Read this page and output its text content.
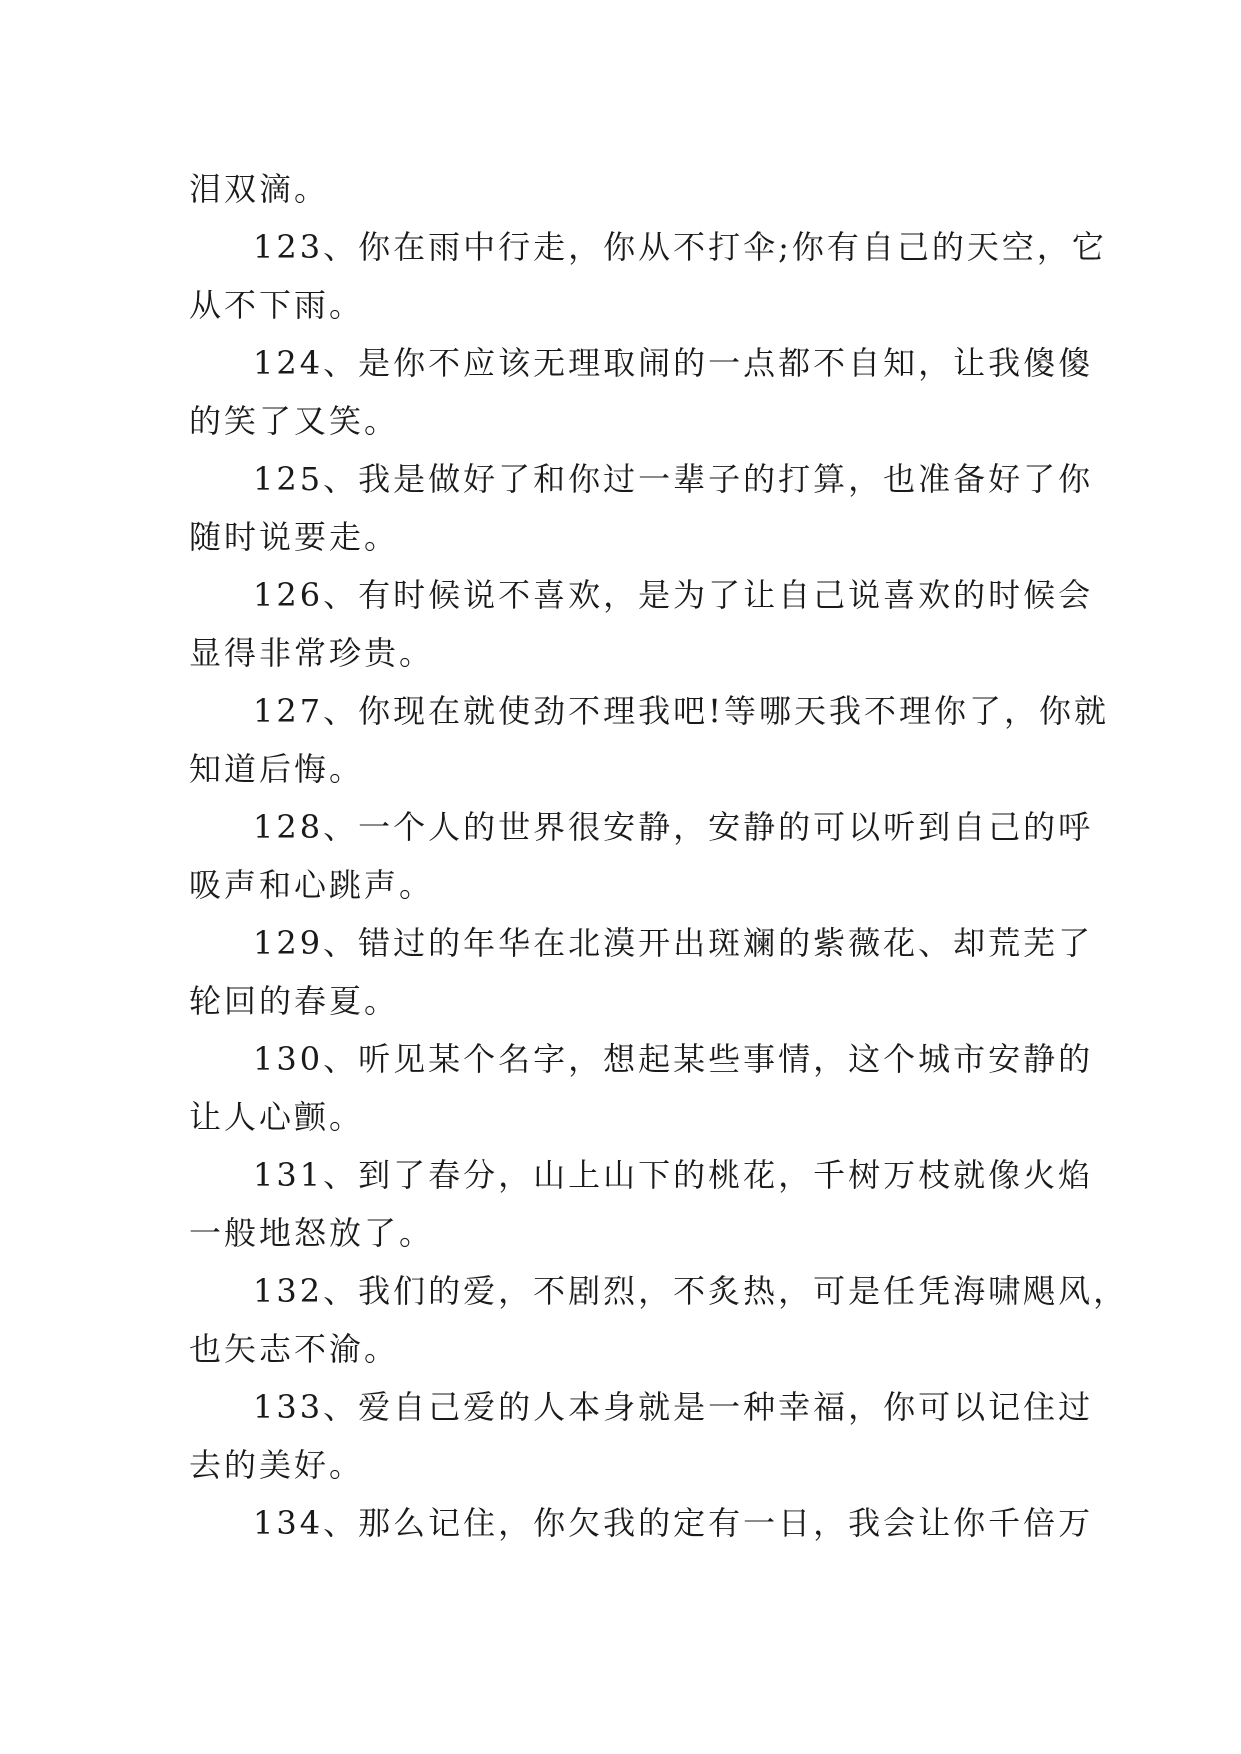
泪双滴。
123、你在雨中行走，你从不打伞;你有自己的天空，它
从不下雨。
124、是你不应该无理取闹的一点都不自知，让我傻傻
的笑了又笑。
125、我是做好了和你过一辈子的打算，也准备好了你
随时说要走。
126、有时候说不喜欢，是为了让自己说喜欢的时候会
显得非常珍贵。
127、你现在就使劲不理我吧!等哪天我不理你了，你就
知道后悔。
128、一个人的世界很安静，安静的可以听到自己的呼
吸声和心跳声。
129、错过的年华在北漠开出斑斓的紫薇花、却荒芜了
轮回的春夏。
130、听见某个名字，想起某些事情，这个城市安静的
让人心颤。
131、到了春分，山上山下的桃花，千树万枝就像火焰
一般地怒放了。
132、我们的爱，不剧烈，不炙热，可是任凭海啸飓风，
也矢志不渝。
133、爱自己爱的人本身就是一种幸福，你可以记住过
去的美好。
134、那么记住，你欠我的定有一日，我会让你千倍万
